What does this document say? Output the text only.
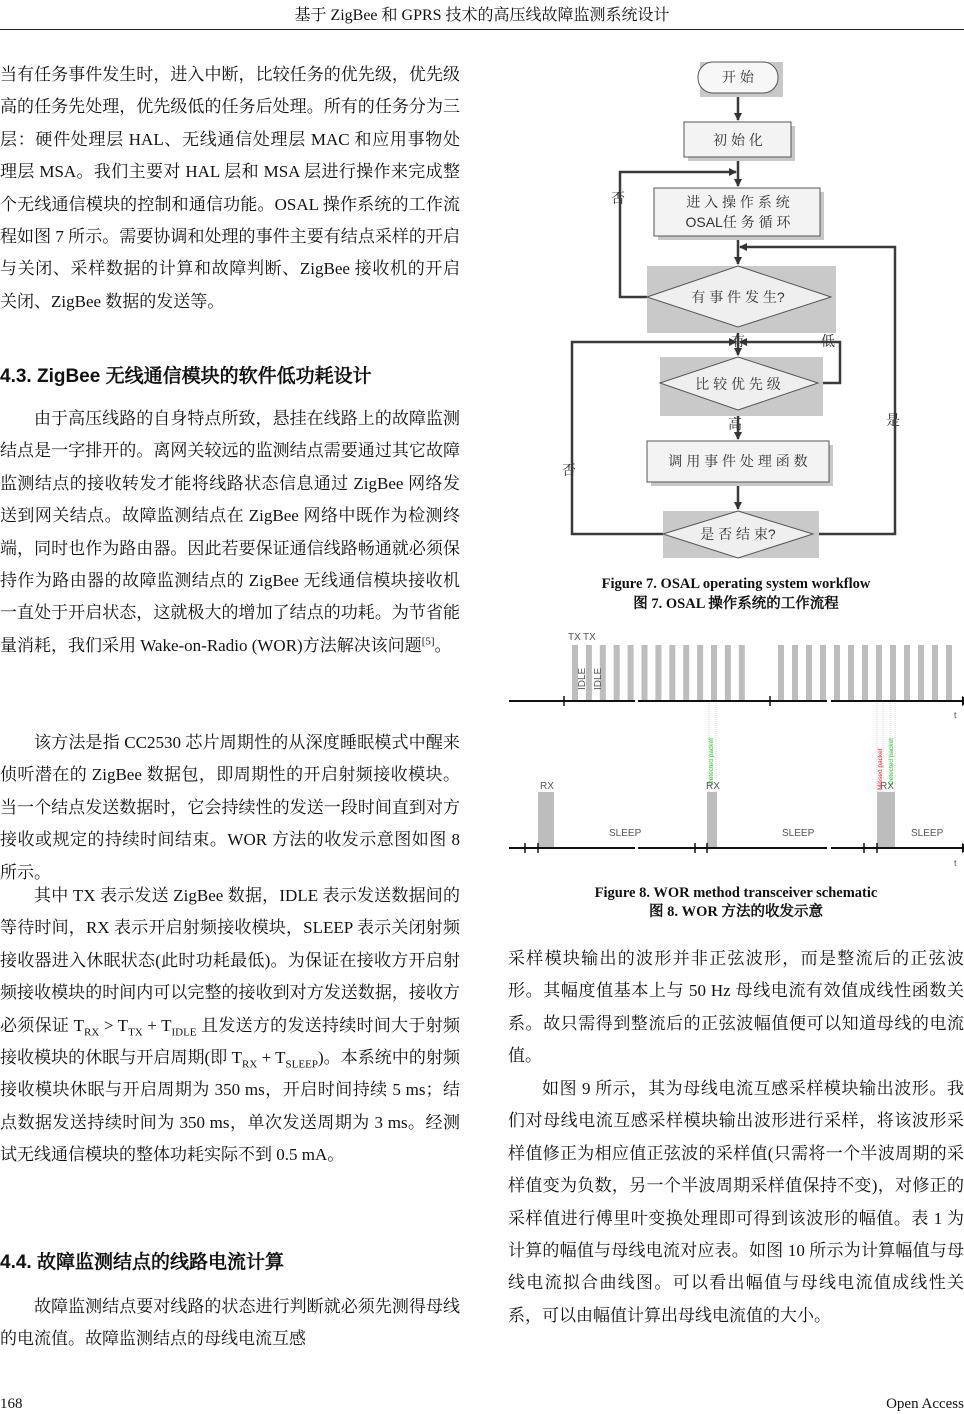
基于 ZigBee 和 GPRS 技术的高压线故障监测系统设计
当有任务事件发生时，进入中断，比较任务的优先级，优先级高的任务先处理，优先级低的任务后处理。所有的任务分为三层：硬件处理层 HAL、无线通信处理层 MAC 和应用事物处理层 MSA。我们主要对 HAL 层和 MSA 层进行操作来完成整个无线通信模块的控制和通信功能。OSAL 操作系统的工作流程如图 7 所示。需要协调和处理的事件主要有结点采样的开启与关闭、采样数据的计算和故障判断、ZigBee 接收机的开启关闭、ZigBee 数据的发送等。
4.3. ZigBee 无线通信模块的软件低功耗设计
由于高压线路的自身特点所致，悬挂在线路上的故障监测结点是一字排开的。离网关较远的监测结点需要通过其它故障监测结点的接收转发才能将线路状态信息通过 ZigBee 网络发送到网关结点。故障监测结点在 ZigBee 网络中既作为检测终端，同时也作为路由器。因此若要保证通信线路畅通就必须保持作为路由器的故障监测结点的 ZigBee 无线通信模块接收机一直处于开启状态，这就极大的增加了结点的功耗。为节省能量消耗，我们采用 Wake-on-Radio (WOR)方法解决该问题[5]。
该方法是指 CC2530 芯片周期性的从深度睡眠模式中醒来侦听潜在的 ZigBee 数据包，即周期性的开启射频接收模块。当一个结点发送数据时，它会持续性的发送一段时间直到对方接收或规定的持续时间结束。WOR 方法的收发示意图如图 8 所示。
其中 TX 表示发送 ZigBee 数据，IDLE 表示发送数据间的等待时间，RX 表示开启射频接收模块，SLEEP 表示关闭射频接收器进入休眠状态(此时功耗最低)。为保证在接收方开启射频接收模块的时间内可以完整的接收到对方发送数据，接收方必须保证 $T_{RX} > T_{TX} + T_{IDLE}$ 且发送方的发送持续时间大于射频接收模块的休眠与开启周期(即 $T_{RX} + T_{SLEEP}$)。本系统中的射频接收模块休眠与开启周期为 350 ms，开启时间持续 5 ms；结点数据发送持续时间为 350 ms，单次发送周期为 3 ms。经测试无线通信模块的整体功耗实际不到 0.5 mA。
4.4. 故障监测结点的线路电流计算
故障监测结点要对线路的状态进行判断就必须先测得母线的电流值。故障监测结点的母线电流互感
开 始
初 始 化
进 入 操 作 系 统
OSAL任 务 循 环
有 事 件 发 生?
比 较 优 先 级
调 用 事 件 处 理 函 数
是 否 结 束?
否
有	低
高	是
否
Figure 7. OSAL operating system workflow
图 7. OSAL 操作系统的工作流程
TX TX
IDLE IDLE
RX	RX	RX
SLEEP	SLEEP	SLEEP
t
t
Detected packet	Missed packet Detected packet
Figure 8. WOR method transceiver schematic
图 8. WOR 方法的收发示意
采样模块输出的波形并非正弦波形，而是整流后的正弦波形。其幅度值基本上与 50 Hz 母线电流有效值成线性函数关系。故只需得到整流后的正弦波幅值便可以知道母线的电流值。
如图 9 所示，其为母线电流互感采样模块输出波形。我们对母线电流互感采样模块输出波形进行采样，将该波形采样值修正为相应值正弦波的采样值(只需将一个半波周期的采样值变为负数，另一个半波周期采样值保持不变)，对修正的采样值进行傅里叶变换处理即可得到该波形的幅值。表 1 为计算的幅值与母线电流对应表。如图 10 所示为计算幅值与母线电流拟合曲线图。可以看出幅值与母线电流值成线性关系，可以由幅值计算出母线电流值的大小。
168	Open Access
